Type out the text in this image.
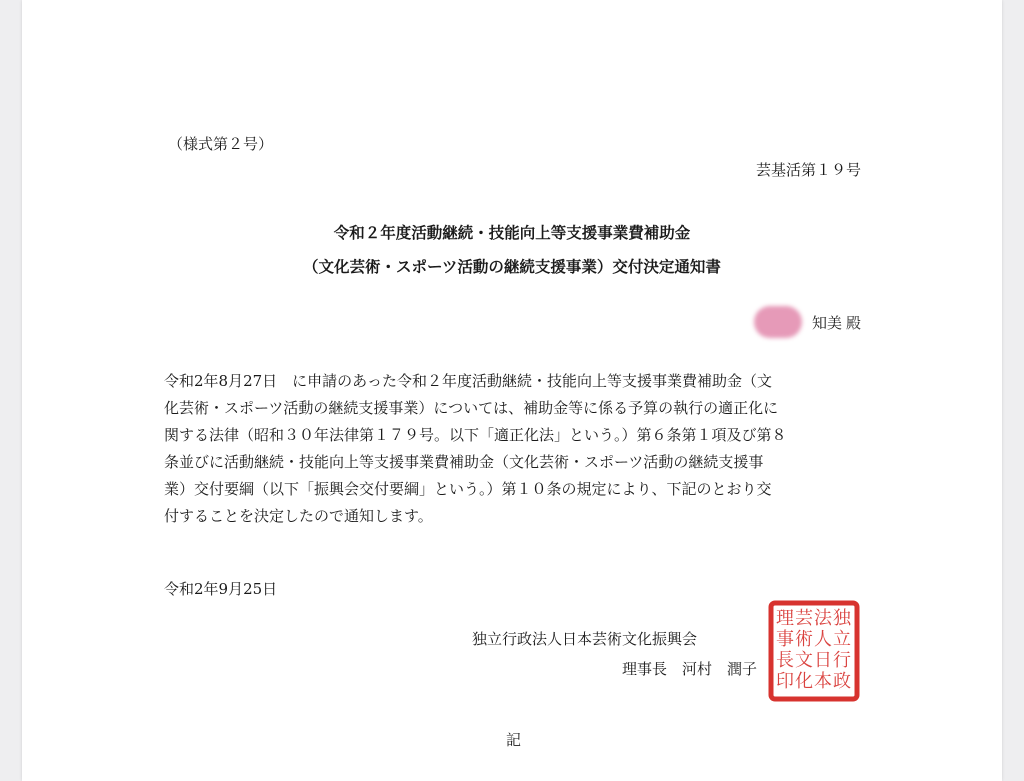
（様式第２号）
芸基活第１９号
令和２年度活動継続・技能向上等支援事業費補助金
（文化芸術・スポーツ活動の継続支援事業）交付決定通知書
知美 殿
令和2年8月27日　に申請のあった令和２年度活動継続・技能向上等支援事業費補助金（文
化芸術・スポーツ活動の継続支援事業）については、補助金等に係る予算の執行の適正化に
関する法律（昭和３０年法律第１７９号。以下「適正化法」という。）第６条第１項及び第８
条並びに活動継続・技能向上等支援事業費補助金（文化芸術・スポーツ活動の継続支援事
業）交付要綱（以下「振興会交付要綱」という。）第１０条の規定により、下記のとおり交
付することを決定したので通知します。
令和2年9月25日
独立行政法人日本芸術文化振興会
理事長　河村　潤子
独
立
行
政
法
人
日
本
芸
術
文
化
理
事
長
印
記
